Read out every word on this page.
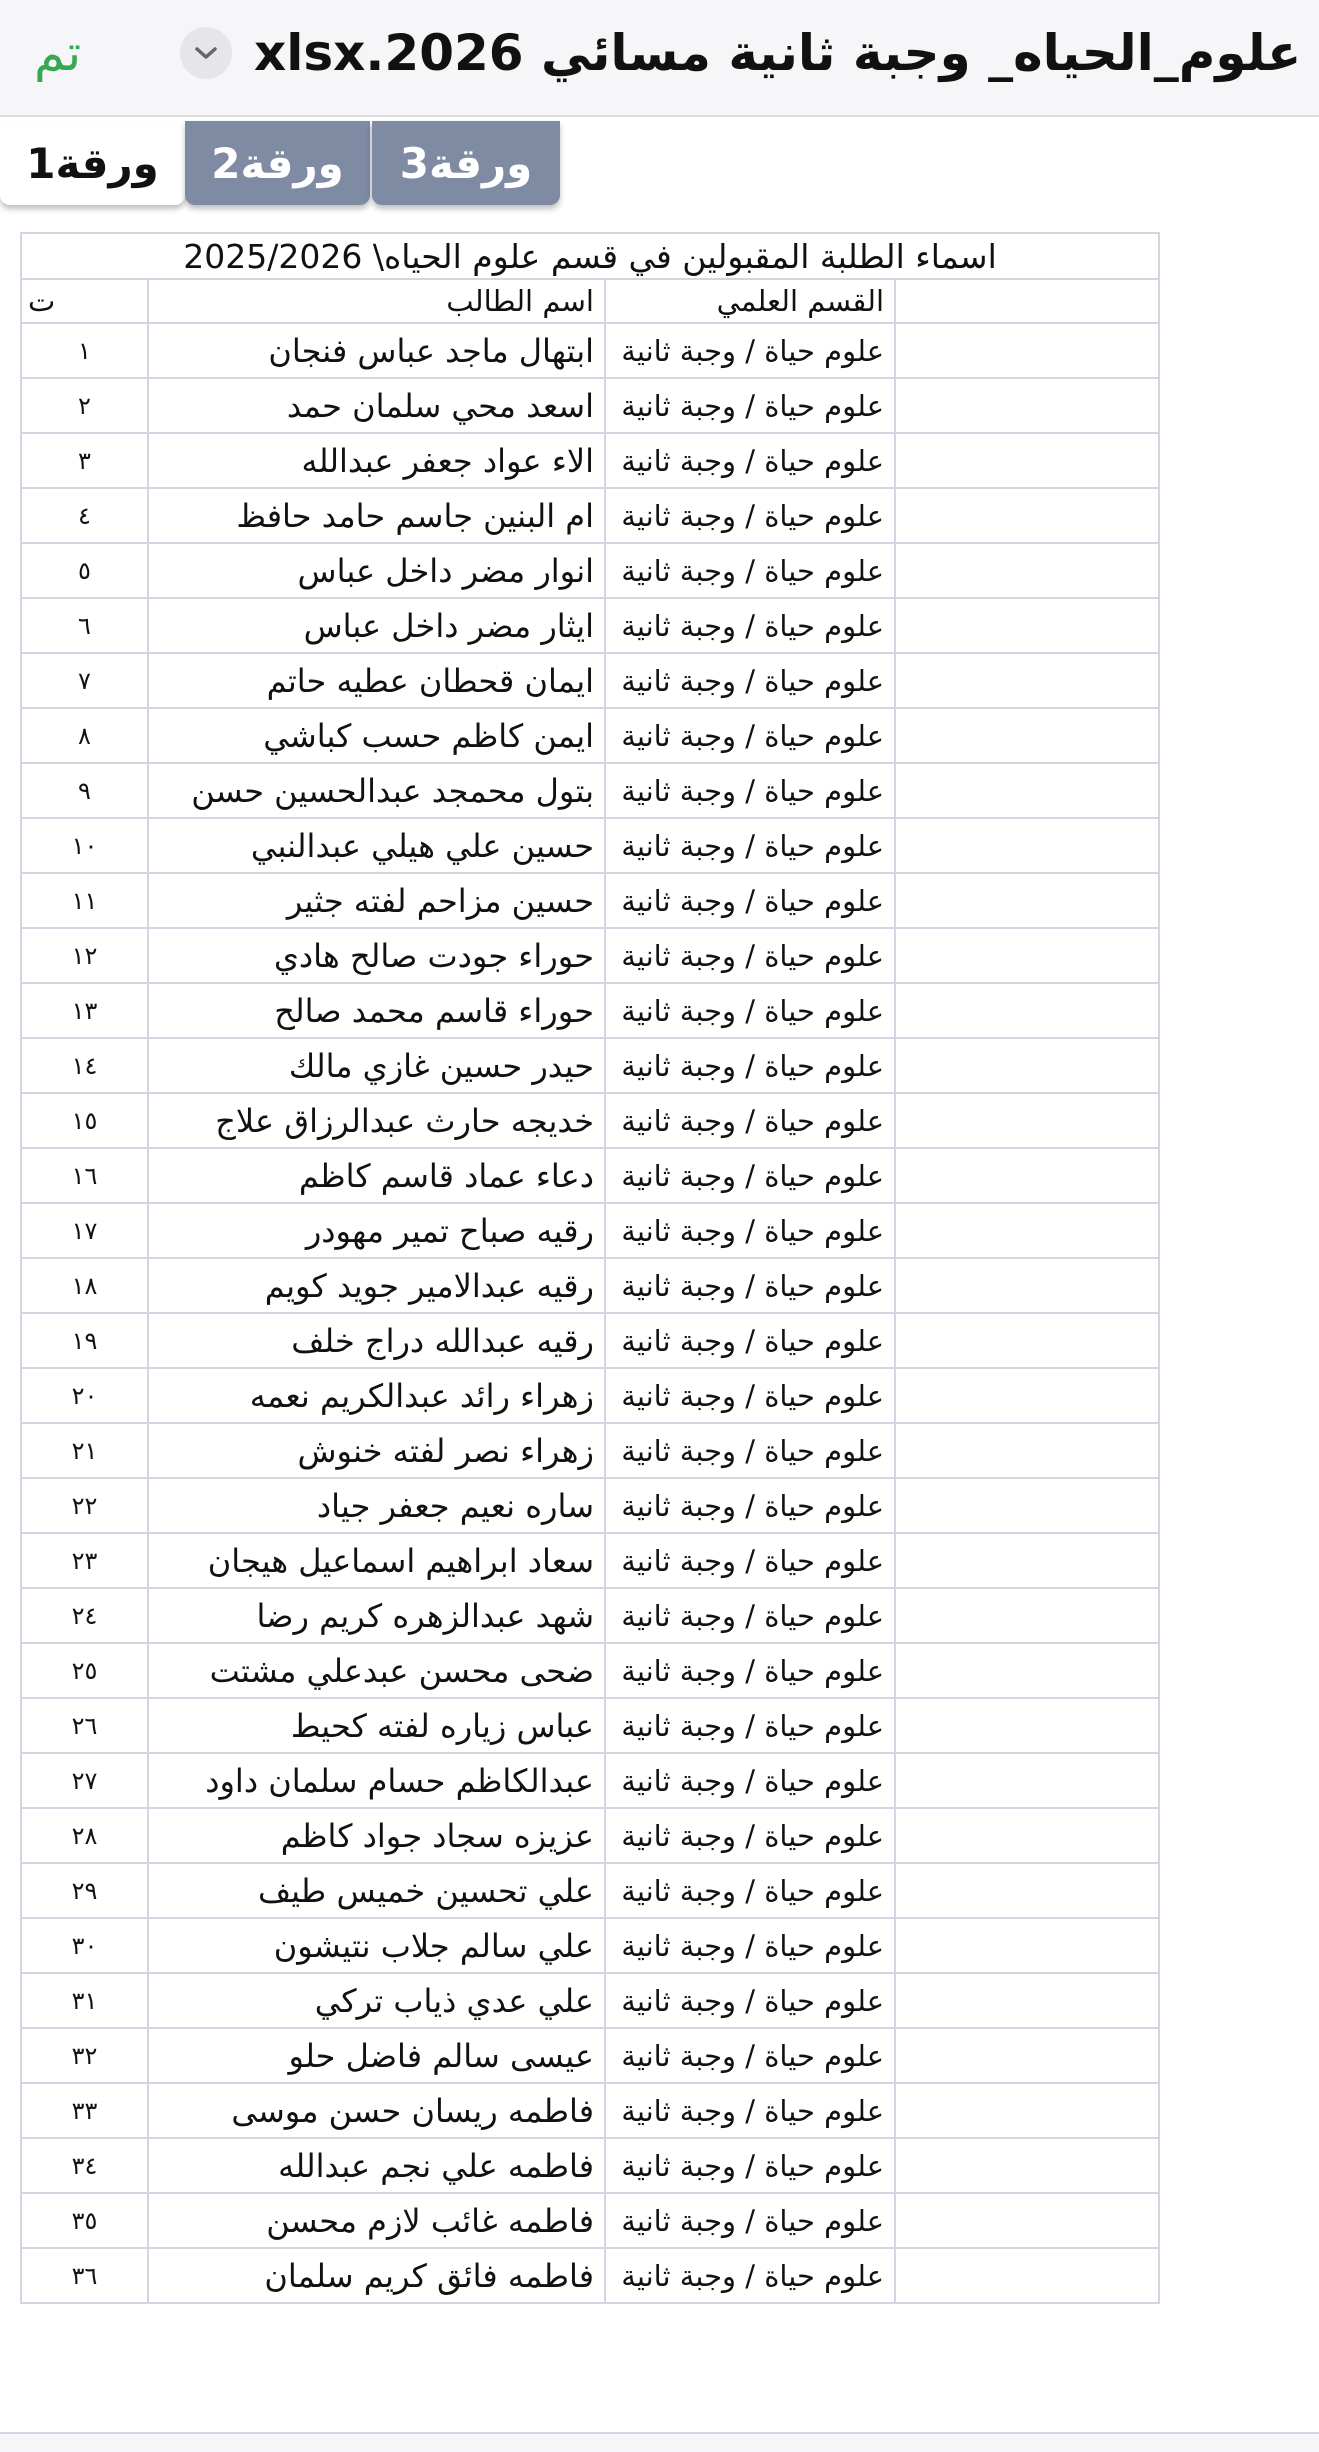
تم	علوم_الحياه_ وجبة ثانية مسائي 2026.xlsx
ورقة1	ورقة2	ورقة3
اسماء الطلبة المقبولين في قسم علوم الحياه\ 2025/2026			
ت	اسم الطالب	القسم العلمي	
١	ابتهال ماجد عباس فنجان	علوم حياة / وجبة ثانية	
٢	اسعد محي سلمان حمد	علوم حياة / وجبة ثانية	
٣	الاء عواد جعفر عبدالله	علوم حياة / وجبة ثانية	
٤	ام البنين جاسم حامد حافظ	علوم حياة / وجبة ثانية	
٥	انوار مضر داخل عباس	علوم حياة / وجبة ثانية	
٦	ايثار مضر داخل عباس	علوم حياة / وجبة ثانية	
٧	ايمان قحطان عطيه حاتم	علوم حياة / وجبة ثانية	
٨	ايمن كاظم حسب كباشي	علوم حياة / وجبة ثانية	
٩	بتول محمجد عبدالحسين حسن	علوم حياة / وجبة ثانية	
١٠	حسين علي هيلي عبدالنبي	علوم حياة / وجبة ثانية	
١١	حسين مزاحم لفته جثير	علوم حياة / وجبة ثانية	
١٢	حوراء جودت صالح هادي	علوم حياة / وجبة ثانية	
١٣	حوراء قاسم محمد صالح	علوم حياة / وجبة ثانية	
١٤	حيدر حسين غازي مالك	علوم حياة / وجبة ثانية	
١٥	خديجه حارث عبدالرزاق علاج	علوم حياة / وجبة ثانية	
١٦	دعاء عماد قاسم كاظم	علوم حياة / وجبة ثانية	
١٧	رقيه صباح تمير مهودر	علوم حياة / وجبة ثانية	
١٨	رقيه عبدالامير جويد كويم	علوم حياة / وجبة ثانية	
١٩	رقيه عبدالله دراج خلف	علوم حياة / وجبة ثانية	
٢٠	زهراء رائد عبدالكريم نعمه	علوم حياة / وجبة ثانية	
٢١	زهراء نصر لفته خنوش	علوم حياة / وجبة ثانية	
٢٢	ساره نعيم جعفر جياد	علوم حياة / وجبة ثانية	
٢٣	سعاد ابراهيم اسماعيل هيجان	علوم حياة / وجبة ثانية	
٢٤	شهد عبدالزهره كريم رضا	علوم حياة / وجبة ثانية	
٢٥	ضحى محسن عبدعلي مشتت	علوم حياة / وجبة ثانية	
٢٦	عباس زياره لفته كحيط	علوم حياة / وجبة ثانية	
٢٧	عبدالكاظم حسام سلمان داود	علوم حياة / وجبة ثانية	
٢٨	عزيزه سجاد جواد كاظم	علوم حياة / وجبة ثانية	
٢٩	علي تحسين خميس طيف	علوم حياة / وجبة ثانية	
٣٠	علي سالم جلاب نتيشون	علوم حياة / وجبة ثانية	
٣١	علي عدي ذياب تركي	علوم حياة / وجبة ثانية	
٣٢	عيسى سالم فاضل حلو	علوم حياة / وجبة ثانية	
٣٣	فاطمه ريسان حسن موسى	علوم حياة / وجبة ثانية	
٣٤	فاطمه علي نجم عبدالله	علوم حياة / وجبة ثانية	
٣٥	فاطمه غائب لازم محسن	علوم حياة / وجبة ثانية	
٣٦	فاطمه فائق كريم سلمان	علوم حياة / وجبة ثانية	
